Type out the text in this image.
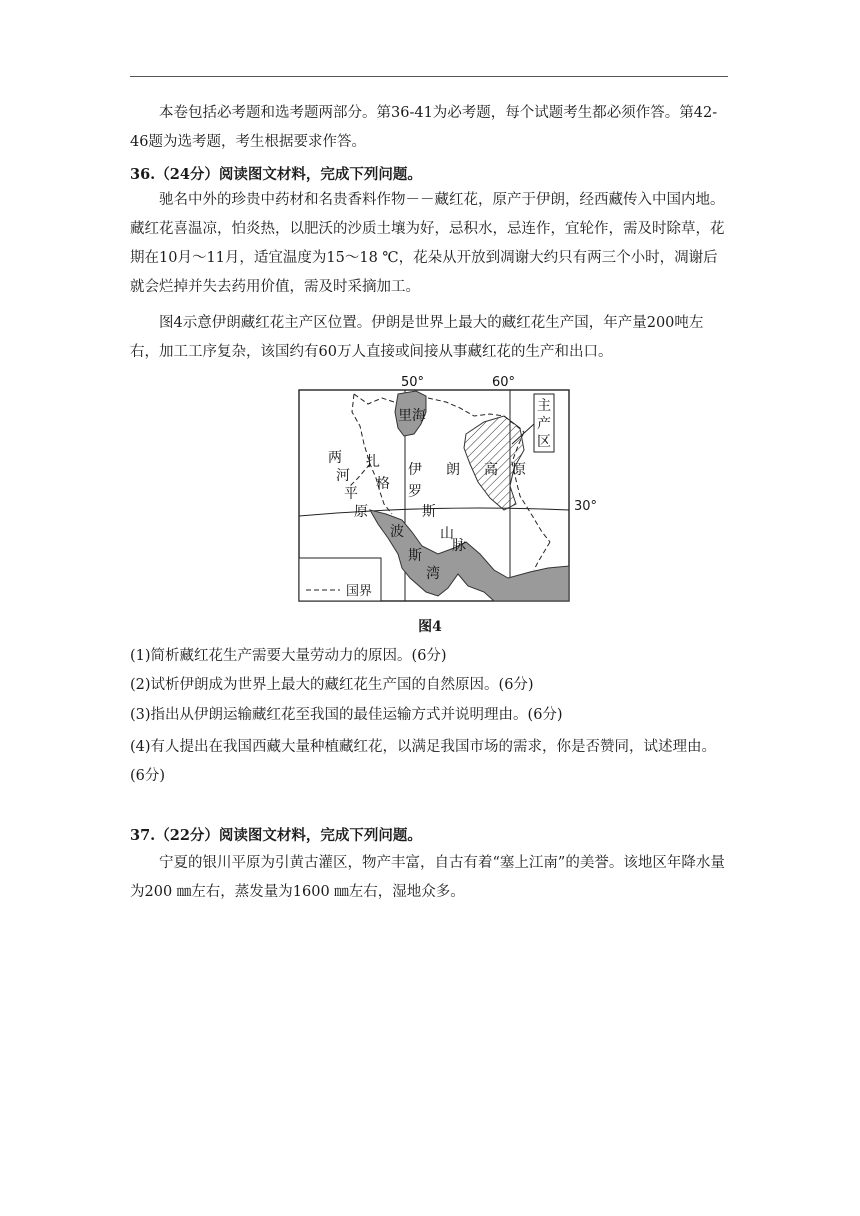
本卷包括必考题和选考题两部分。第36-41为必考题，每个试题考生都必须作答。第42-46题为选考题，考生根据要求作答。

36.（24分）阅读图文材料，完成下列问题。

驰名中外的珍贵中药材和名贵香料作物－－藏红花，原产于伊朗，经西藏传入中国内地。藏红花喜温凉，怕炎热，以肥沃的沙质土壤为好，忌积水，忌连作，宜轮作，需及时除草，花期在10月～11月，适宜温度为15～18 ℃，花朵从开放到凋谢大约只有两三个小时，凋谢后就会烂掉并失去药用价值，需及时采摘加工。

图4示意伊朗藏红花主产区位置。伊朗是世界上最大的藏红花生产国，年产量200吨左右，加工工序复杂，该国约有60万人直接或间接从事藏红花的生产和出口。

国界
50°	60°
里海
主
产
区
两
河
平
原
扎
格
伊
罗
斯
山
脉
朗 高 原
波
斯
湾
30°
图4

(1)简析藏红花生产需要大量劳动力的原因。(6分)

(2)试析伊朗成为世界上最大的藏红花生产国的自然原因。(6分)

(3)指出从伊朗运输藏红花至我国的最佳运输方式并说明理由。(6分)

(4)有人提出在我国西藏大量种植藏红花，以满足我国市场的需求，你是否赞同，试述理由。(6分)

37.（22分）阅读图文材料，完成下列问题。

宁夏的银川平原为引黄古灌区，物产丰富，自古有着“塞上江南”的美誉。该地区年降水量为200 ㎜左右，蒸发量为1600 ㎜左右，湿地众多。
